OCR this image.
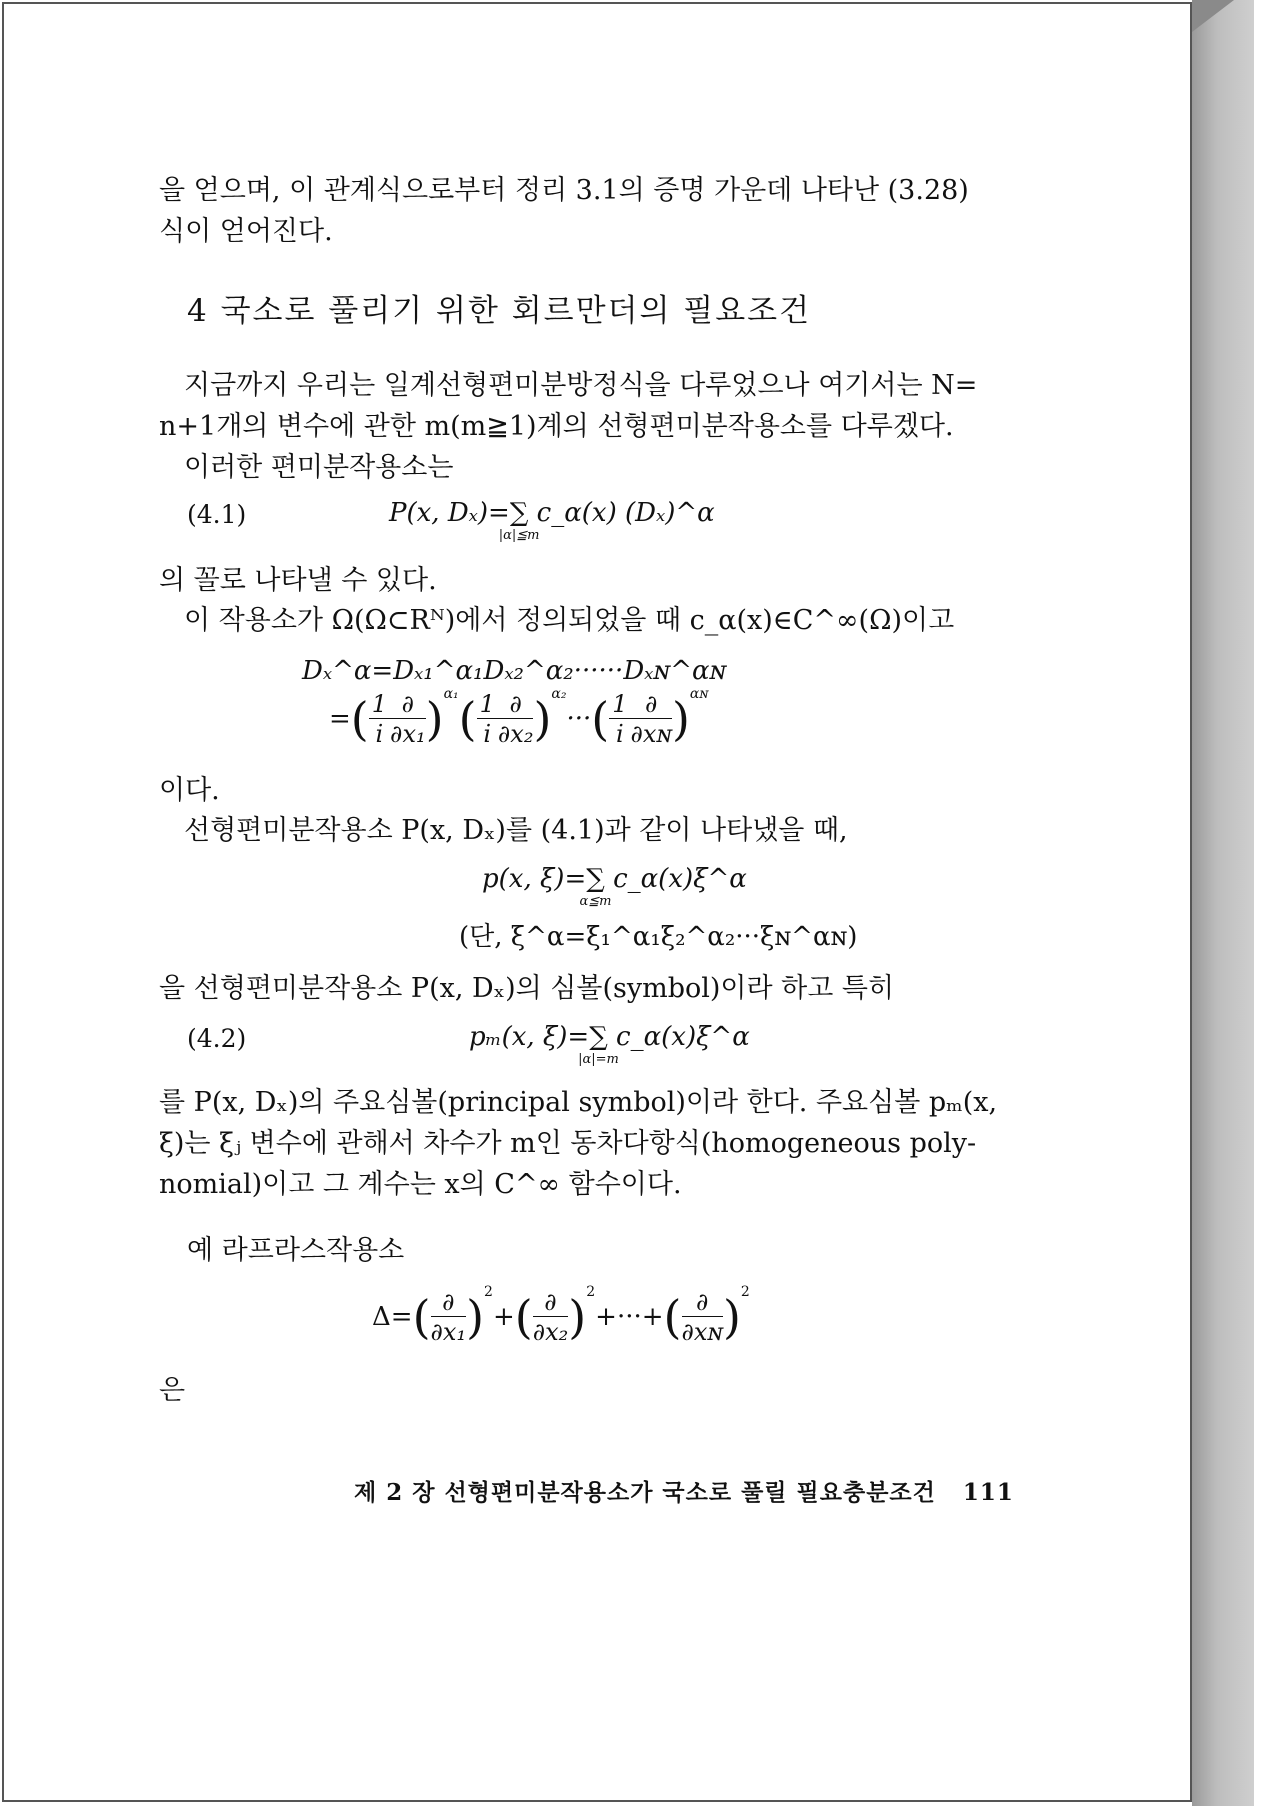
을 얻으며, 이 관계식으로부터 정리 3.1의 증명 가운데 나타난 (3.28)
식이 얻어진다.
4 국소로 풀리기 위한 회르만더의 필요조건
지금까지 우리는 일계선형편미분방정식을 다루었으나 여기서는 N=
n+1개의 변수에 관한 m(m≧1)계의 선형편미분작용소를 다루겠다.
이러한 편미분작용소는
(4.1)	P(x, Dₓ)=∑
|α|≦m
c_α(x) (Dₓ)^α
의 꼴로 나타낼 수 있다.
이 작용소가 Ω(Ω⊂Rᴺ)에서 정의되었을 때 c_α(x)∈C^∞(Ω)이고
Dₓ^α=Dₓ₁^α₁Dₓ₂^α₂······Dₓɴ^αɴ
=( $\frac{1}{i} \frac{\partial}{\text{∂x₁}} )^{\alpha_1}( \frac{1}{i} \frac{\partial}{\text{∂x₂}} )^{\alpha_2}\cdot\cdot\cdot( \frac{1}{i} \frac{\partial}{\text{∂xɴ}} )^{\alpha ɴ}$
이다.
선형편미분작용소 P(x, Dₓ)를 (4.1)과 같이 나타냈을 때,
p(x, ξ)=∑
α≦m
c_α(x)ξ^α
(단, ξ^α=ξ₁^α₁ξ₂^α₂···ξɴ^αɴ)
을 선형편미분작용소 P(x, Dₓ)의 심볼(symbol)이라 하고 특히
(4.2)	pₘ(x, ξ)=∑
|α|=m
c_α(x)ξ^α
를 P(x, Dₓ)의 주요심볼(principal symbol)이라 한다. 주요심볼 pₘ(x,
ξ)는 ξⱼ 변수에 관해서 차수가 m인 동차다항식(homogeneous poly-
nomial)이고 그 계수는 x의 C^∞ 함수이다.
예 라프라스작용소
$\Delta=( \frac{\partial}{\text{∂x₁}} )^2+( \frac{\partial}{\text{∂x₂}} )^2+\cdot\cdot\cdot+( \frac{\partial}{\text{∂xɴ}} )^2$
은
제 2 장 선형편미분작용소가 국소로 풀릴 필요충분조건 111
